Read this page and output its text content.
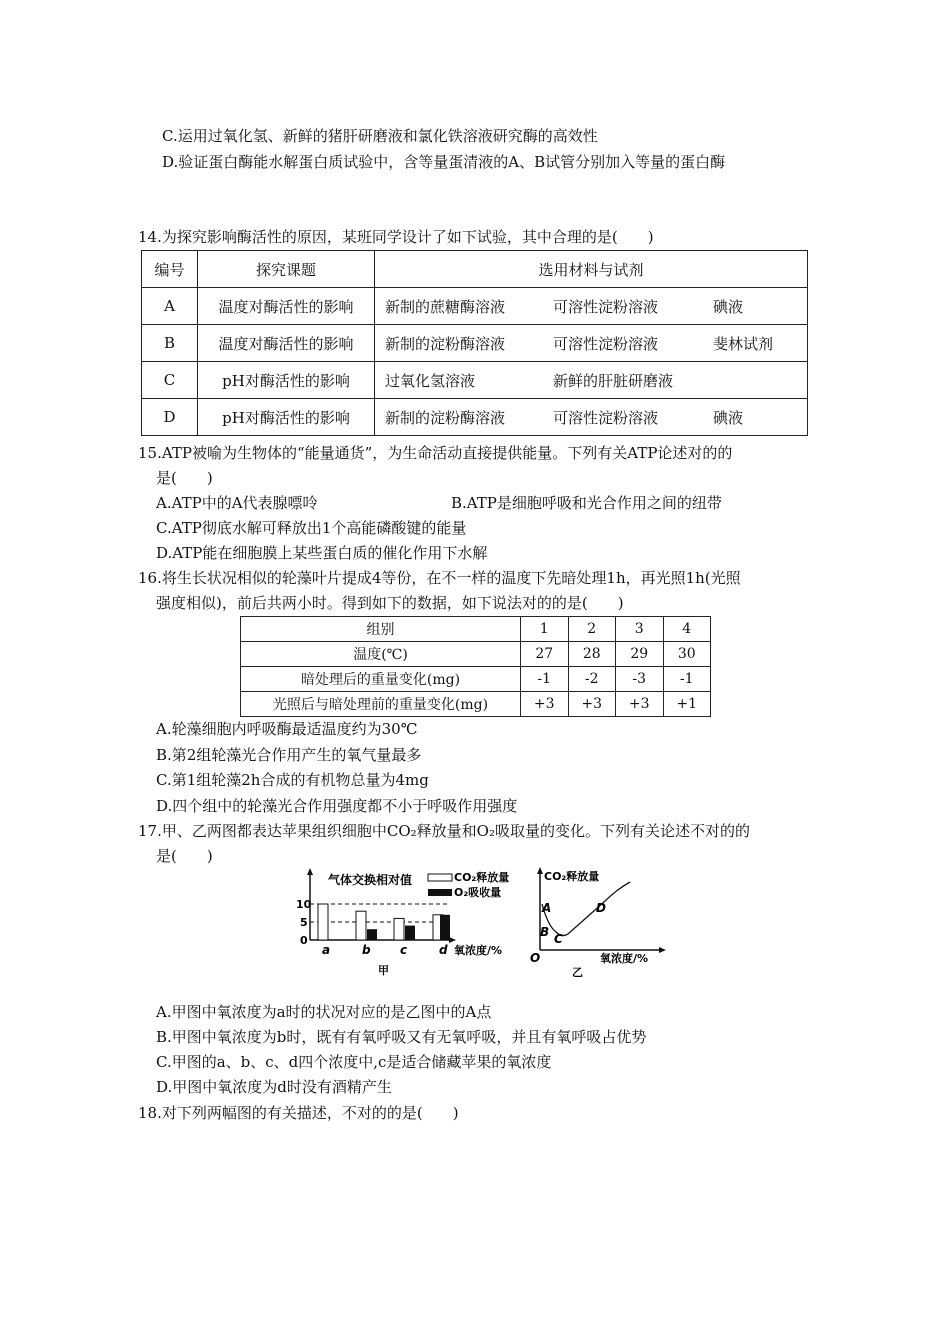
C.运用过氧化氢、新鲜的猪肝研磨液和氯化铁溶液研究酶的高效性
D.验证蛋白酶能水解蛋白质试验中，含等量蛋清液的A、B试管分别加入等量的蛋白酶
14.为探究影响酶活性的原因，某班同学设计了如下试验，其中合理的是(　　)
编号	探究课题	选用材料与试剂
A	温度对酶活性的影响	新制的蔗糖酶溶液 可溶性淀粉溶液 碘液
B	温度对酶活性的影响	新制的淀粉酶溶液 可溶性淀粉溶液 斐林试剂
C	pH对酶活性的影响	过氧化氢溶液 新鲜的肝脏研磨液
D	pH对酶活性的影响	新制的淀粉酶溶液 可溶性淀粉溶液 碘液
15.ATP被喻为生物体的“能量通货”，为生命活动直接提供能量。下列有关ATP论述对的的
是(　　)
A.ATP中的A代表腺嘌呤	B.ATP是细胞呼吸和光合作用之间的纽带
C.ATP彻底水解可释放出1个高能磷酸键的能量
D.ATP能在细胞膜上某些蛋白质的催化作用下水解
16.将生长状况相似的轮藻叶片提成4等份，在不一样的温度下先暗处理1h，再光照1h(光照
强度相似)，前后共两小时。得到如下的数据，如下说法对的的是(　　)
组别	1	2	3	4
温度(℃)	27	28	29	30
暗处理后的重量变化(mg)	-1	-2	-3	-1
光照后与暗处理前的重量变化(mg)	+3	+3	+3	+1
A.轮藻细胞内呼吸酶最适温度约为30℃
B.第2组轮藻光合作用产生的氧气量最多
C.第1组轮藻2h合成的有机物总量为4mg
D.四个组中的轮藻光合作用强度都不小于呼吸作用强度
17.甲、乙两图都表达苹果组织细胞中CO₂释放量和O₂吸取量的变化。下列有关论述不对的的
是(　　)
气体交换相对值	CO₂释放量
O₂吸收量
10
5
0
a	b c	d 氧浓度/%
甲
CO₂释放量
A
B C
D
O	氧浓度/%
乙
A.甲图中氧浓度为a时的状况对应的是乙图中的A点
B.甲图中氧浓度为b时，既有有氧呼吸又有无氧呼吸，并且有氧呼吸占优势
C.甲图的a、b、c、d四个浓度中,c是适合储藏苹果的氧浓度
D.甲图中氧浓度为d时没有酒精产生
18.对下列两幅图的有关描述，不对的的是(　　)
